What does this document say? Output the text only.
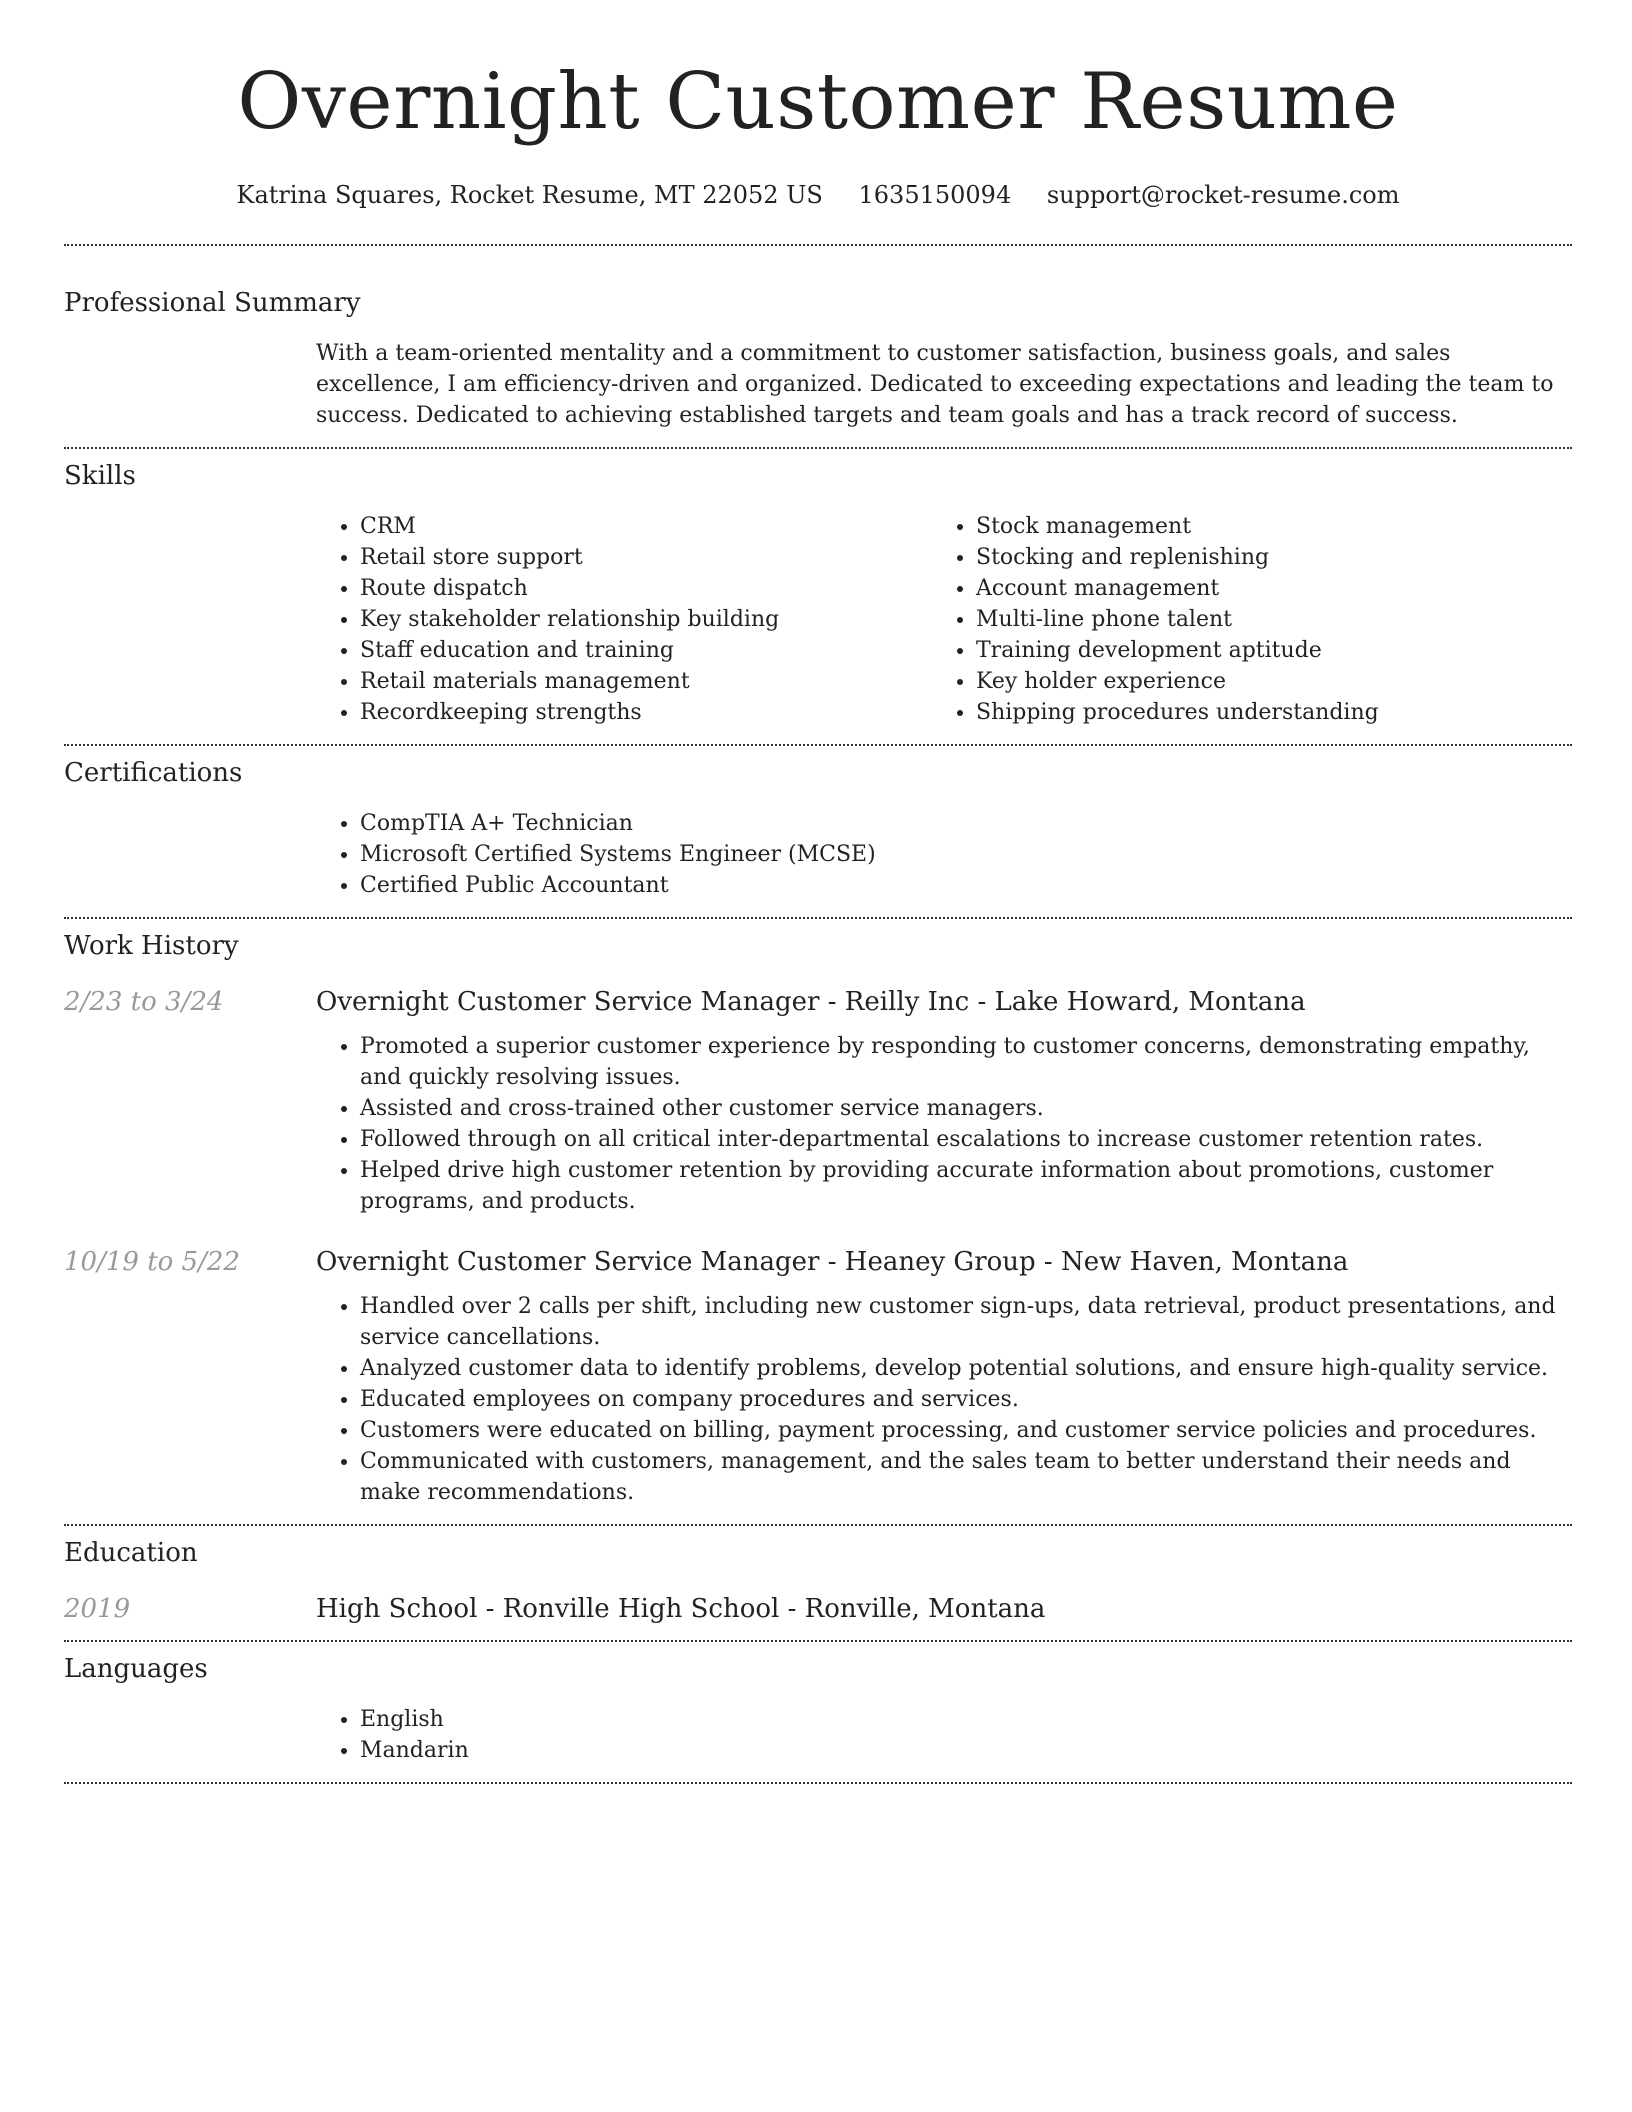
Overnight Customer Resume
Katrina Squares, Rocket Resume, MT 22052 US 1635150094 support@rocket-resume.com
Professional Summary
With a team-oriented mentality and a commitment to customer satisfaction, business goals, and sales excellence, I am efficiency-driven and organized. Dedicated to exceeding expectations and leading the team to success. Dedicated to achieving established targets and team goals and has a track record of success.
Skills
• CRM
• Retail store support
• Route dispatch
• Key stakeholder relationship building
• Staff education and training
• Retail materials management
• Recordkeeping strengths
• Stock management
• Stocking and replenishing
• Account management
• Multi-line phone talent
• Training development aptitude
• Key holder experience
• Shipping procedures understanding
Certifications
• CompTIA A+ Technician
• Microsoft Certified Systems Engineer (MCSE)
• Certified Public Accountant
Work History
2/23 to 3/24	Overnight Customer Service Manager - Reilly Inc - Lake Howard, Montana
• Promoted a superior customer experience by responding to customer concerns, demonstrating empathy, and quickly resolving issues.
• Assisted and cross-trained other customer service managers.
• Followed through on all critical inter-departmental escalations to increase customer retention rates.
• Helped drive high customer retention by providing accurate information about promotions, customer programs, and products.
10/19 to 5/22	Overnight Customer Service Manager - Heaney Group - New Haven, Montana
• Handled over 2 calls per shift, including new customer sign-ups, data retrieval, product presentations, and service cancellations.
• Analyzed customer data to identify problems, develop potential solutions, and ensure high-quality service.
• Educated employees on company procedures and services.
• Customers were educated on billing, payment processing, and customer service policies and procedures.
• Communicated with customers, management, and the sales team to better understand their needs and make recommendations.
Education
2019	High School - Ronville High School - Ronville, Montana
Languages
• English
• Mandarin
